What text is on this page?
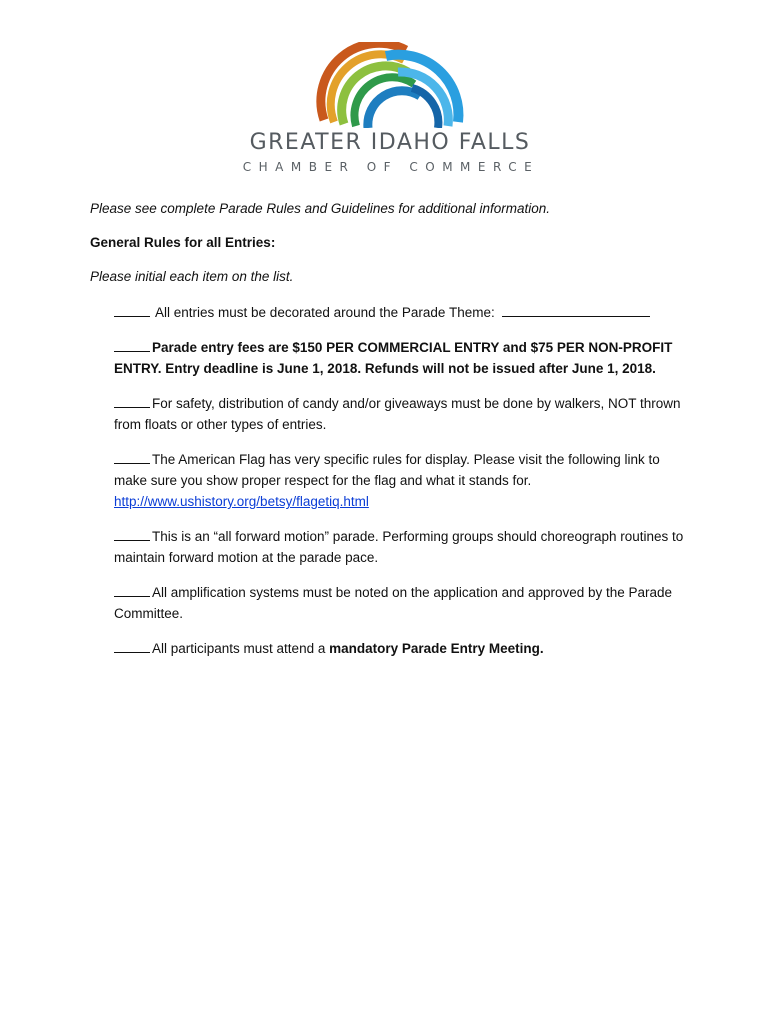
GREATER IDAHO FALLS
CHAMBER OF COMMERCE

Please see complete Parade Rules and Guidelines for additional information.

General Rules for all Entries:

Please initial each item on the list.

All entries must be decorated around the Parade Theme:
Parade entry fees are $150 PER COMMERCIAL ENTRY and $75 PER NON-PROFIT ENTRY. Entry deadline is June 1, 2018. Refunds will not be issued after June 1, 2018.
For safety, distribution of candy and/or giveaways must be done by walkers, NOT thrown from floats or other types of entries.
The American Flag has very specific rules for display. Please visit the following link to make sure you show proper respect for the flag and what it stands for.
http://www.ushistory.org/betsy/flagetiq.html
This is an “all forward motion” parade. Performing groups should choreograph routines to maintain forward motion at the parade pace.
All amplification systems must be noted on the application and approved by the Parade Committee.
All participants must attend a mandatory Parade Entry Meeting.
